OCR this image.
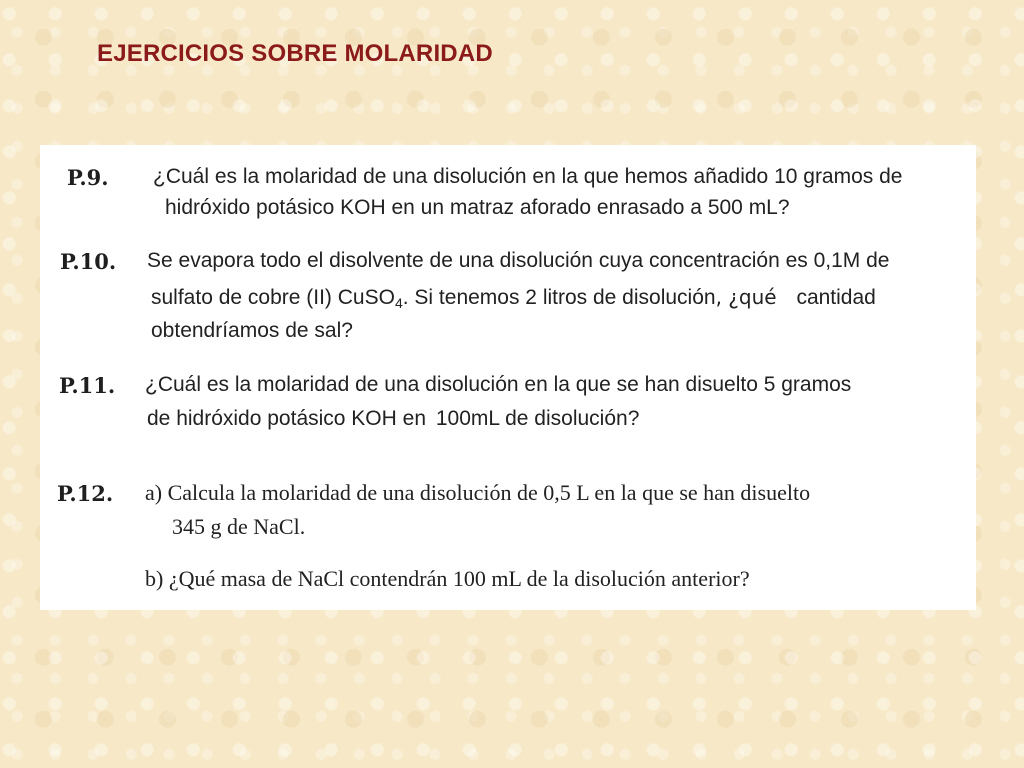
EJERCICIOS SOBRE MOLARIDAD
P.9. ¿Cuál es la molaridad de una disolución en la que hemos añadido 10 gramos de
hidróxido potásico KOH en un matraz aforado enrasado a 500 mL?
P.10. Se evapora todo el disolvente de una disolución cuya concentración es 0,1M de
sulfato de cobre (II) CuSO$_4$. Si tenemos 2 litros de disolución, ¿qué cantidad
obtendríamos de sal?
P.11. ¿Cuál es la molaridad de una disolución en la que se han disuelto 5 gramos
de hidróxido potásico KOH en 100mL de disolución?
P.12. a) Calcula la molaridad de una disolución de 0,5 L en la que se han disuelto
345 g de NaCl.
b) ¿Qué masa de NaCl contendrán 100 mL de la disolución anterior?
